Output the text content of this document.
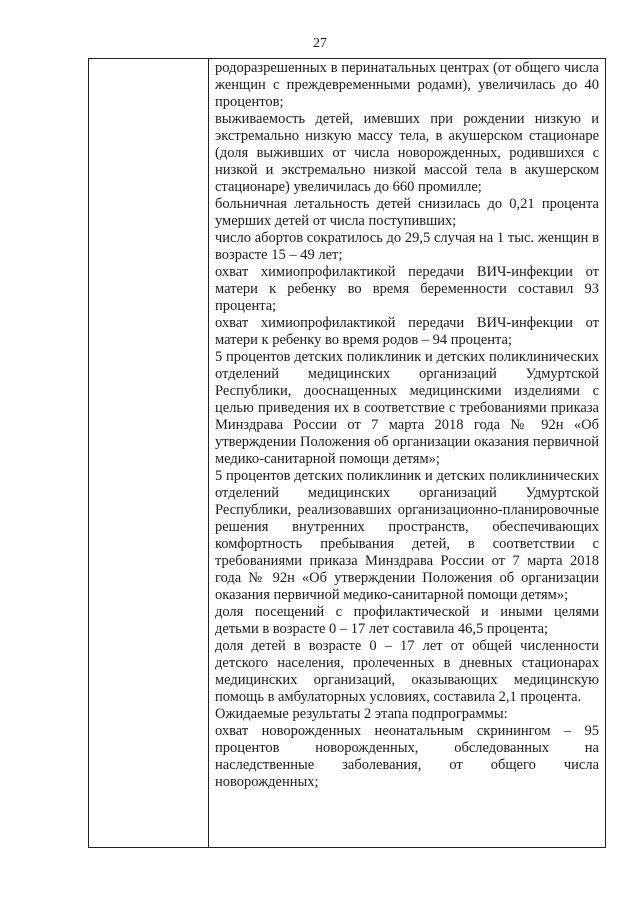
27

родоразрешенных в перинатальных центрах (от общего числа женщин с преждевременными родами), увеличилась до 40 процентов;

выживаемость детей, имевших при рождении низкую и экстремально низкую массу тела, в акушерском стационаре (доля выживших от числа новорожденных, родившихся с низкой и экстремально низкой массой тела в акушерском стационаре) увеличилась до 660 промилле;

больничная летальность детей снизилась до 0,21 процента умерших детей от числа поступивших;

число абортов сократилось до 29,5 случая на 1 тыс. женщин в возрасте 15 – 49 лет;

охват химиопрофилактикой передачи ВИЧ-инфекции от матери к ребенку во время беременности составил 93 процента;

охват химиопрофилактикой передачи ВИЧ-инфекции от матери к ребенку во время родов – 94 процента;

5 процентов детских поликлиник и детских поликлинических отделений медицинских организаций Удмуртской Республики, дооснащенных медицинскими изделиями с целью приведения их в соответствие с требованиями приказа Минздрава России от 7 марта 2018 года № 92н «Об утверждении Положения об организации оказания первичной медико-санитарной помощи детям»;

5 процентов детских поликлиник и детских поликлинических отделений медицинских организаций Удмуртской Республики, реализовавших организационно-планировочные решения внутренних пространств, обеспечивающих комфортность пребывания детей, в соответствии с требованиями приказа Минздрава России от 7 марта 2018 года № 92н «Об утверждении Положения об организации оказания первичной медико-санитарной помощи детям»;

доля посещений с профилактической и иными целями детьми в возрасте 0 – 17 лет составила 46,5 процента;

доля детей в возрасте 0 – 17 лет от общей численности детского населения, пролеченных в дневных стационарах медицинских организаций, оказывающих медицинскую помощь в амбулаторных условиях, составила 2,1 процента.

Ожидаемые результаты 2 этапа подпрограммы:

охват новорожденных неонатальным скринингом – 95 процентов новорожденных, обследованных на наследственные заболевания, от общего числа новорожденных;
